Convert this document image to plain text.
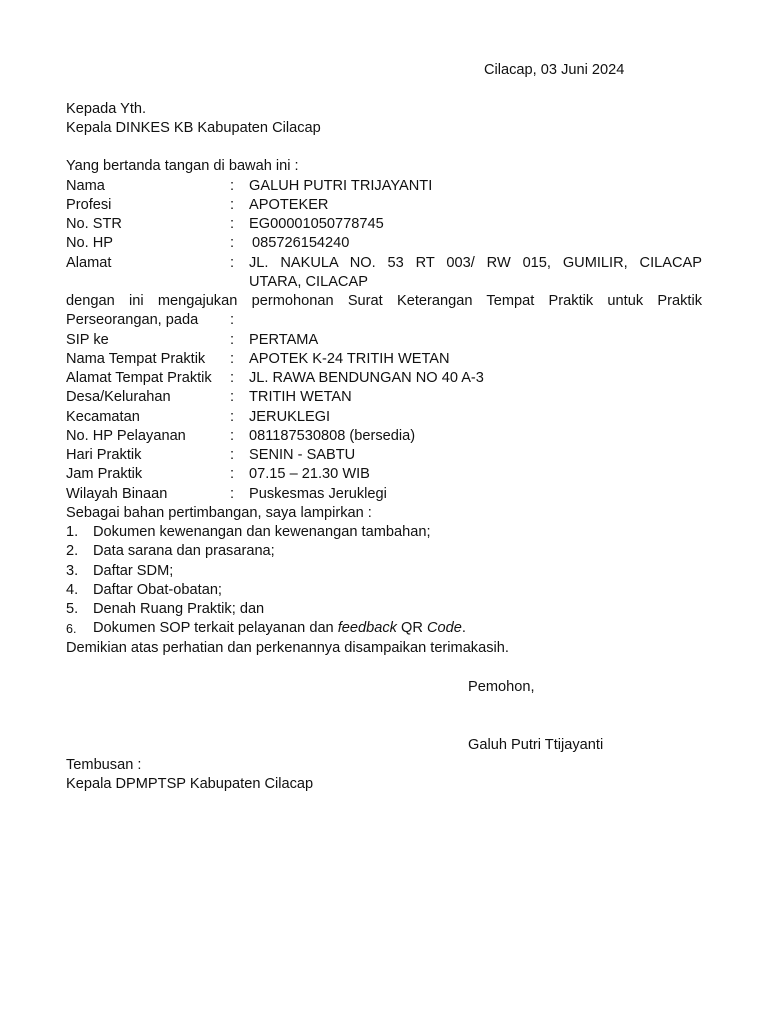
Cilacap, 03 Juni 2024
Kepada Yth.
Kepala DINKES KB Kabupaten Cilacap
Yang bertanda tangan di bawah ini :
Nama	: GALUH PUTRI TRIJAYANTI
Profesi	: APOTEKER
No. STR	: EG00001050778745
No. HP	: 085726154240
Alamat	: JL. NAKULA NO. 53 RT 003/ RW 015, GUMILIR, CILACAP
UTARA, CILACAP
dengan ini mengajukan permohonan Surat Keterangan Tempat Praktik untuk Praktik
Perseorangan, pada :
SIP ke	: PERTAMA
Nama Tempat Praktik : APOTEK K-24 TRITIH WETAN
Alamat Tempat Praktik : JL. RAWA BENDUNGAN NO 40 A-3
Desa/Kelurahan	: TRITIH WETAN
Kecamatan	: JERUKLEGI
No. HP Pelayanan	: 081187530808 (bersedia)
Hari Praktik	: SENIN - SABTU
Jam Praktik	: 07.15 – 21.30 WIB
Wilayah Binaan	: Puskesmas Jeruklegi
Sebagai bahan pertimbangan, saya lampirkan :
1. Dokumen kewenangan dan kewenangan tambahan;
2. Data sarana dan prasarana;
3. Daftar SDM;
4. Daftar Obat-obatan;
5. Denah Ruang Praktik; dan
6. Dokumen SOP terkait pelayanan dan feedback QR Code.
Demikian atas perhatian dan perkenannya disampaikan terimakasih.
Pemohon,
Galuh Putri Ttijayanti
Tembusan :
Kepala DPMPTSP Kabupaten Cilacap
